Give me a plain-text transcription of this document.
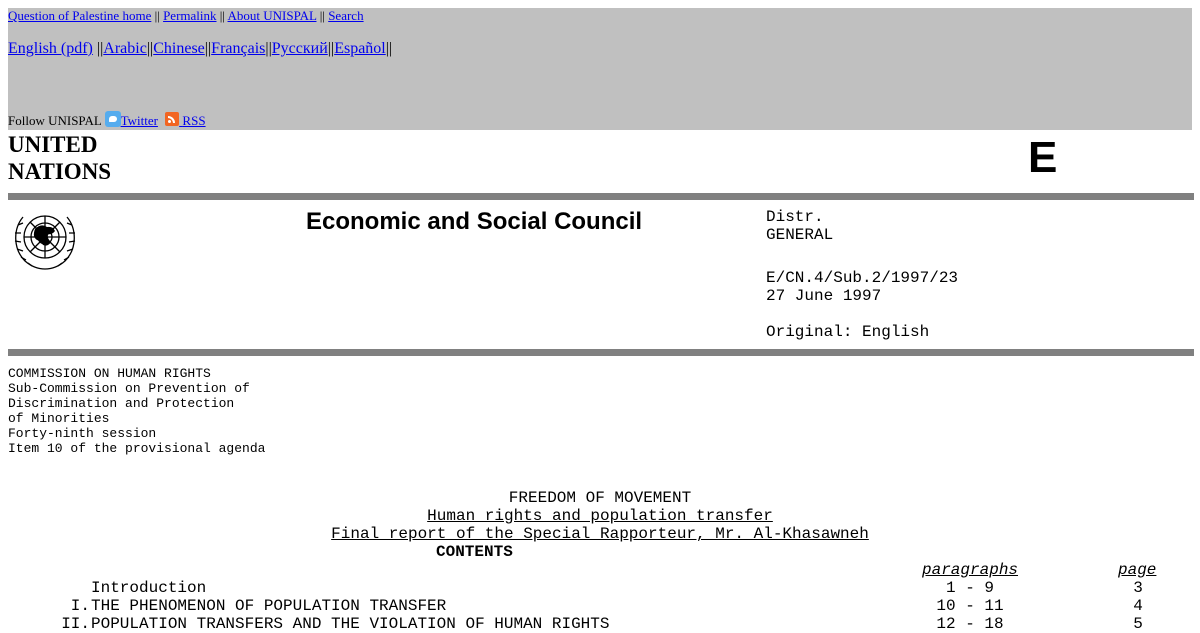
Question of Palestine home || Permalink || About UNISPAL || Search
English (pdf) ||Arabic||Chinese||Français||Русский||Español||
Follow UNISPAL Twitter RSS
UNITED
NATIONS	E
Economic and Social Council	Distr.
GENERAL
E/CN.4/Sub.2/1997/23
27 June 1997
Original: English
COMMISSION ON HUMAN RIGHTS
Sub-Commission on Prevention of
Discrimination and Protection
of Minorities
Forty-ninth session
Item 10 of the provisional agenda
FREEDOM OF MOVEMENT
Human rights and population transfer
Final report of the Special Rapporteur, Mr. Al-Khasawneh
CONTENTS
paragraphs	page
Introduction	1 - 9	3
I. THE PHENOMENON OF POPULATION TRANSFER	10 - 11	4
II. POPULATION TRANSFERS AND THE VIOLATION OF HUMAN RIGHTS	12 - 18	5
